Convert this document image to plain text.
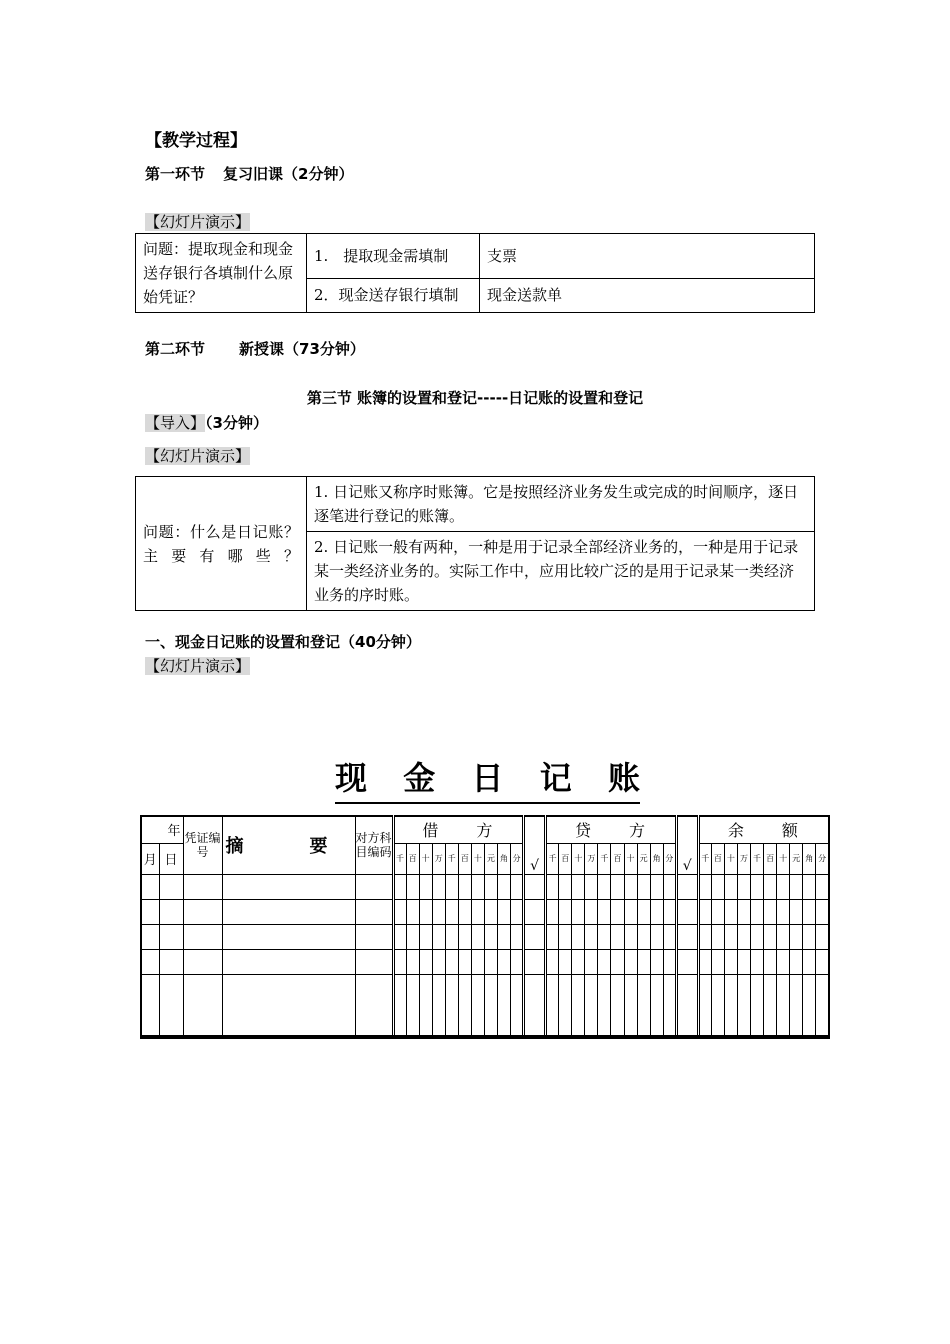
【教学过程】
第一环节 复习旧课（2分钟）
【幻灯片演示】
问题：提取现金和现金送存银行各填制什么原始凭证？	1.　提取现金需填制	支票
	2．现金送存银行填制	现金送款单
第二环节 新授课（73分钟）
第三节 账簿的设置和登记-----日记账的设置和登记
【导入】（3分钟）
【幻灯片演示】
问题：什么是日记账？主要有哪些？	1. 日记账又称序时账簿。它是按照经济业务发生或完成的时间顺序，逐日逐笔进行登记的账簿。
2. 日记账一般有两种，一种是用于记录全部经济业务的，一种是用于记录某一类经济业务的。实际工作中，应用比较广泛的是用于记录某一类经济业务的序时账。
一、现金日记账的设置和登记（40分钟）
【幻灯片演示】
现 金 日 记 账
年		凭证编号	摘　要	对方科目编码	借　　方										√	贷　　方										√	余　　额									
月	日				千	百	十	万	千	百	十	元	角	分		千	百	十	万	千	百	十	元	角	分		千	百	十	万	千	百	十	元	角	分
